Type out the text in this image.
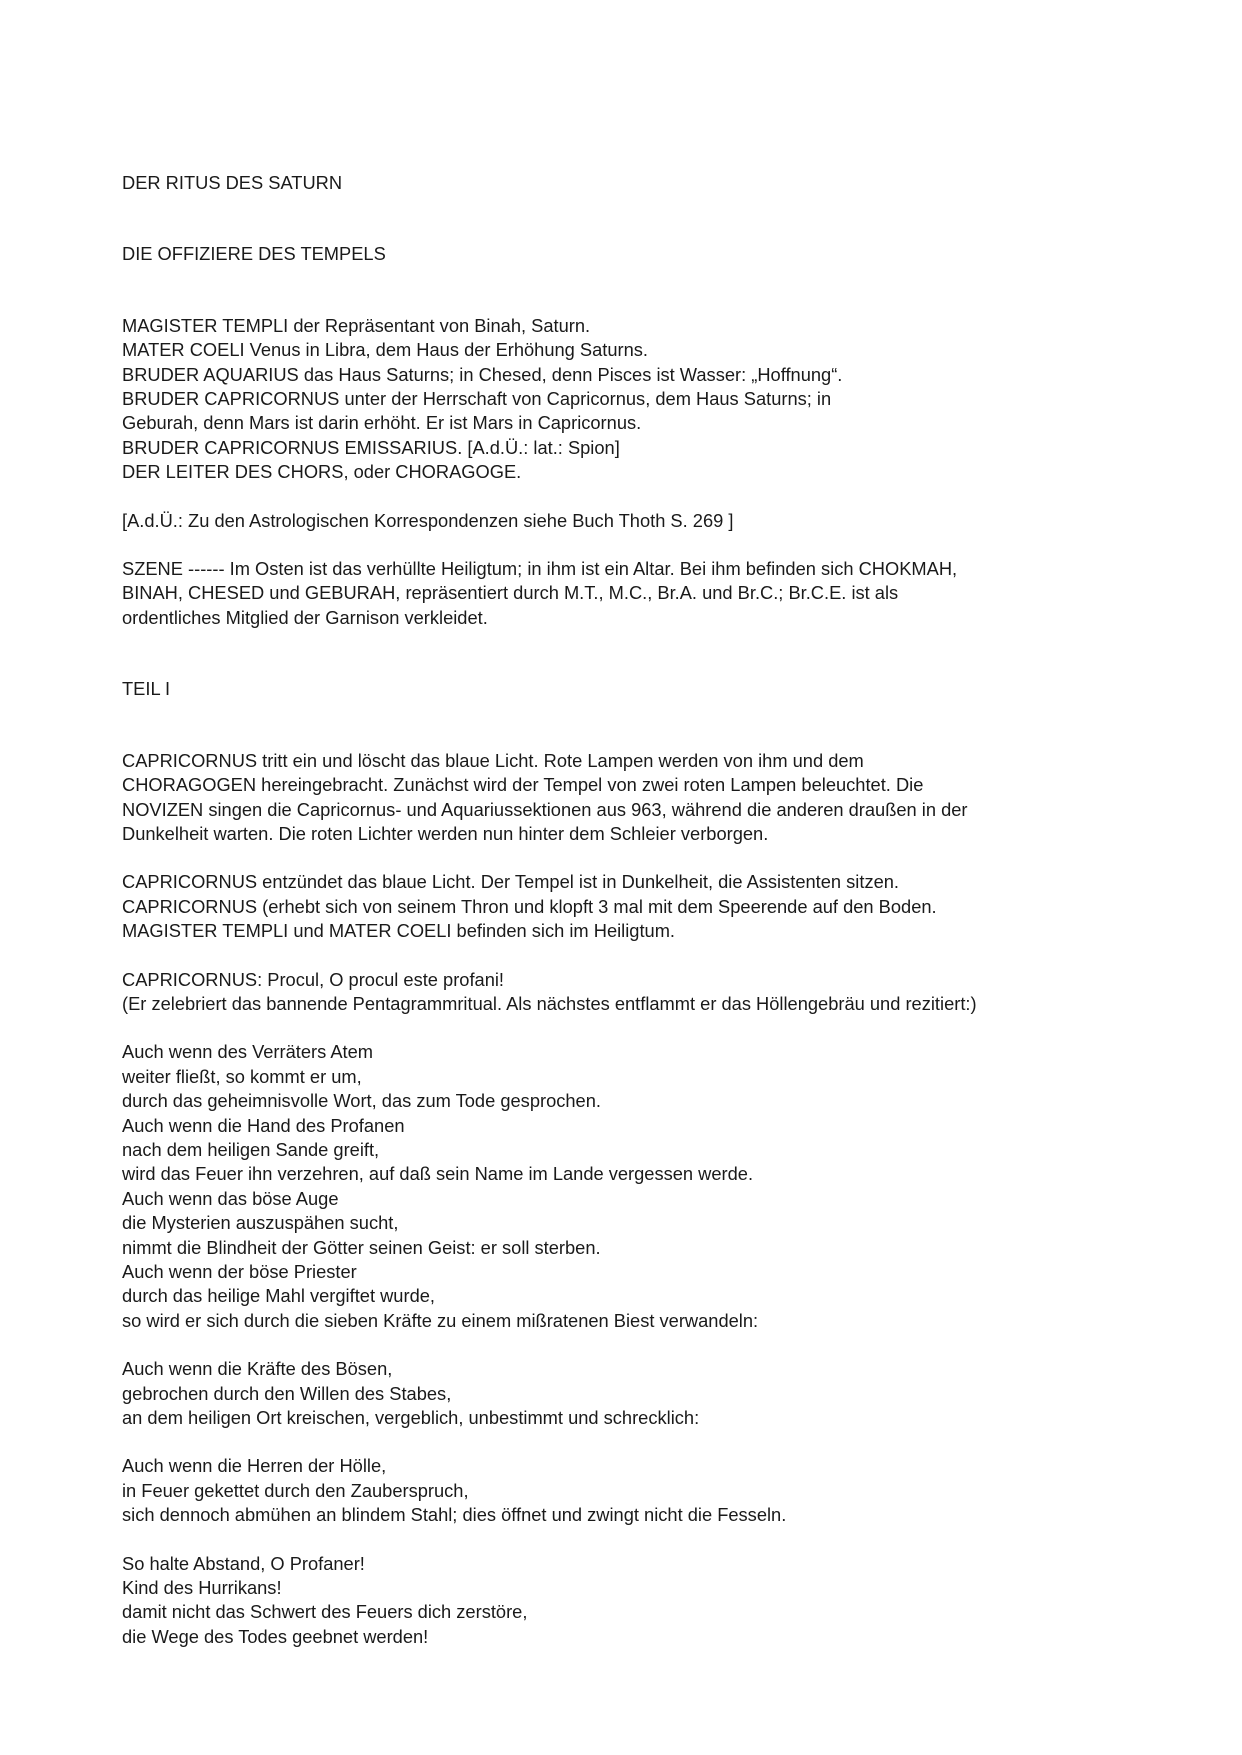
DER RITUS DES SATURN
DIE OFFIZIERE DES TEMPELS
MAGISTER TEMPLI der Repräsentant von Binah, Saturn.
MATER COELI Venus in Libra, dem Haus der Erhöhung Saturns.
BRUDER AQUARIUS das Haus Saturns; in Chesed, denn Pisces ist Wasser: „Hoffnung“.
BRUDER CAPRICORNUS unter der Herrschaft von Capricornus, dem Haus Saturns; in
Geburah, denn Mars ist darin erhöht. Er ist Mars in Capricornus.
BRUDER CAPRICORNUS EMISSARIUS. [A.d.Ü.: lat.: Spion]
DER LEITER DES CHORS, oder CHORAGOGE.
[A.d.Ü.: Zu den Astrologischen Korrespondenzen siehe Buch Thoth S. 269 ]
SZENE ------ Im Osten ist das verhüllte Heiligtum; in ihm ist ein Altar. Bei ihm befinden sich CHOKMAH,
BINAH, CHESED und GEBURAH, repräsentiert durch M.T., M.C., Br.A. und Br.C.; Br.C.E. ist als
ordentliches Mitglied der Garnison verkleidet.
TEIL I
CAPRICORNUS tritt ein und löscht das blaue Licht. Rote Lampen werden von ihm und dem
CHORAGOGEN hereingebracht. Zunächst wird der Tempel von zwei roten Lampen beleuchtet. Die
NOVIZEN singen die Capricornus- und Aquariussektionen aus 963, während die anderen draußen in der
Dunkelheit warten. Die roten Lichter werden nun hinter dem Schleier verborgen.
CAPRICORNUS entzündet das blaue Licht. Der Tempel ist in Dunkelheit, die Assistenten sitzen.
CAPRICORNUS (erhebt sich von seinem Thron und klopft 3 mal mit dem Speerende auf den Boden.
MAGISTER TEMPLI und MATER COELI befinden sich im Heiligtum.
CAPRICORNUS: Procul, O procul este profani!
(Er zelebriert das bannende Pentagrammritual. Als nächstes entflammt er das Höllengebräu und rezitiert:)
Auch wenn des Verräters Atem
weiter fließt, so kommt er um,
durch das geheimnisvolle Wort, das zum Tode gesprochen.
Auch wenn die Hand des Profanen
nach dem heiligen Sande greift,
wird das Feuer ihn verzehren, auf daß sein Name im Lande vergessen werde.
Auch wenn das böse Auge
die Mysterien auszuspähen sucht,
nimmt die Blindheit der Götter seinen Geist: er soll sterben.
Auch wenn der böse Priester
durch das heilige Mahl vergiftet wurde,
so wird er sich durch die sieben Kräfte zu einem mißratenen Biest verwandeln:
Auch wenn die Kräfte des Bösen,
gebrochen durch den Willen des Stabes,
an dem heiligen Ort kreischen, vergeblich, unbestimmt und schrecklich:
Auch wenn die Herren der Hölle,
in Feuer gekettet durch den Zauberspruch,
sich dennoch abmühen an blindem Stahl; dies öffnet und zwingt nicht die Fesseln.
So halte Abstand, O Profaner!
Kind des Hurrikans!
damit nicht das Schwert des Feuers dich zerstöre,
die Wege des Todes geebnet werden!
